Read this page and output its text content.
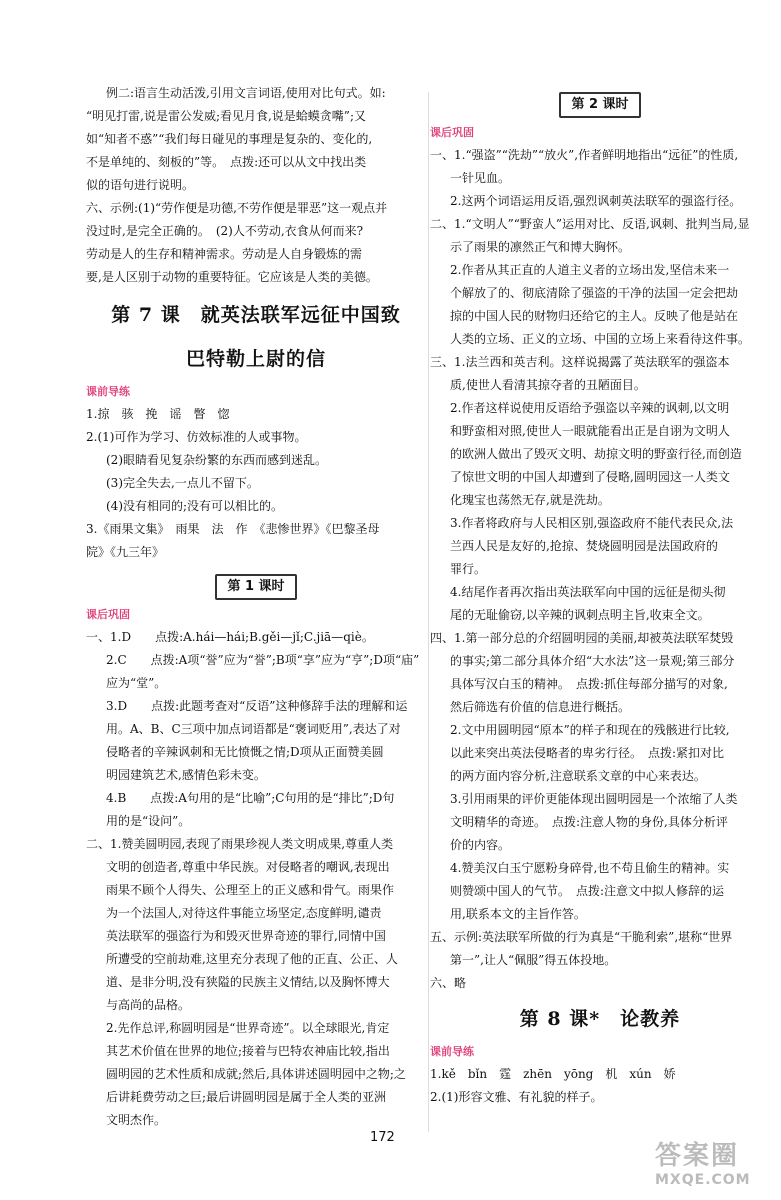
例二:语言生动活泼,引用文言词语,使用对比句式。如:

“明见打雷,说是雷公发威;看见月食,说是蛤蟆贪嘴”;又

如“知者不惑”“我们每日碰见的事理是复杂的、变化的,

不是单纯的、刻板的”等。　点拨:还可以从文中找出类

似的语句进行说明。

六、示例:(1)“劳作便是功德,不劳作便是罪恶”这一观点并

没过时,是完全正确的。　(2)人不劳动,衣食从何而来?

劳动是人的生存和精神需求。劳动是人自身锻炼的需

要,是人区别于动物的重要特征。它应该是人类的美德。

第 7 课　就英法联军远征中国致
巴特勒上尉的信
课前导练

1.掠　骇　挽　谣　瞥　惚

2.(1)可作为学习、仿效标准的人或事物。

(2)眼睛看见复杂纷繁的东西而感到迷乱。

(3)完全失去,一点儿不留下。

(4)没有相同的;没有可以相比的。

3.《雨果文集》　雨果　法　作　《悲惨世界》《巴黎圣母

院》《九三年》

第 1 课时
课后巩固

一、1.D　　点拨:A.hái—hái;B.gěi—jǐ;C.jiā—qiè。

2.C　　点拨:A项“誉”应为“誉”;B项“享”应为“亨”;D项“庙”

应为“堂”。

3.D　　点拨:此题考查对“反语”这种修辞手法的理解和运

用。A、B、C三项中加点词语都是“褒词贬用”,表达了对

侵略者的辛辣讽刺和无比愤慨之情;D项从正面赞美圆

明园建筑艺术,感情色彩未变。

4.B　　点拨:A句用的是“比喻”;C句用的是“排比”;D句

用的是“设问”。

二、1.赞美圆明园,表现了雨果珍视人类文明成果,尊重人类

文明的创造者,尊重中华民族。对侵略者的嘲讽,表现出

雨果不顾个人得失、公理至上的正义感和骨气。雨果作

为一个法国人,对待这件事能立场坚定,态度鲜明,谴责

英法联军的强盗行为和毁灭世界奇迹的罪行,同情中国

所遭受的空前劫难,这里充分表现了他的正直、公正、人

道、是非分明,没有狭隘的民族主义情结,以及胸怀博大

与高尚的品格。

2.先作总评,称圆明园是“世界奇迹”。以全球眼光,肯定

其艺术价值在世界的地位;接着与巴特农神庙比较,指出

圆明园的艺术性质和成就;然后,具体讲述圆明园中之物;之

后讲耗费劳动之巨;最后讲圆明园是属于全人类的亚洲

文明杰作。

第 2 课时
课后巩固

一、1.“强盗”“洗劫”“放火”,作者鲜明地指出“远征”的性质,

一针见血。

2.这两个词语运用反语,强烈讽刺英法联军的强盗行径。

二、1.“文明人”“野蛮人”运用对比、反语,讽刺、批判当局,显

示了雨果的凛然正气和博大胸怀。

2.作者从其正直的人道主义者的立场出发,坚信未来一

个解放了的、彻底清除了强盗的干净的法国一定会把劫

掠的中国人民的财物归还给它的主人。反映了他是站在

人类的立场、正义的立场、中国的立场上来看待这件事。

三、1.法兰西和英吉利。这样说揭露了英法联军的强盗本

质,使世人看清其掠夺者的丑陋面目。

2.作者这样说使用反语给予强盗以辛辣的讽刺,以文明

和野蛮相对照,使世人一眼就能看出正是自诩为文明人

的欧洲人做出了毁灭文明、劫掠文明的野蛮行径,而创造

了惊世文明的中国人却遭到了侵略,圆明园这一人类文

化瑰宝也荡然无存,就是洗劫。

3.作者将政府与人民相区别,强盗政府不能代表民众,法

兰西人民是友好的,抢掠、焚烧圆明园是法国政府的

罪行。

4.结尾作者再次指出英法联军向中国的远征是彻头彻

尾的无耻偷窃,以辛辣的讽刺点明主旨,收束全文。

四、1.第一部分总的介绍圆明园的美丽,却被英法联军焚毁

的事实;第二部分具体介绍“大水法”这一景观;第三部分

具体写汉白玉的精神。　点拨:抓住每部分描写的对象,

然后筛选有价值的信息进行概括。

2.文中用圆明园“原本”的样子和现在的残骸进行比较,

以此来突出英法侵略者的卑劣行径。　点拨:紧扣对比

的两方面内容分析,注意联系文章的中心来表达。

3.引用雨果的评价更能体现出圆明园是一个浓缩了人类

文明精华的奇迹。　点拨:注意人物的身份,具体分析评

价的内容。

4.赞美汉白玉宁愿粉身碎骨,也不苟且偷生的精神。实

则赞颂中国人的气节。　点拨:注意文中拟人修辞的运

用,联系本文的主旨作答。

五、示例:英法联军所做的行为真是“干脆利索”,堪称“世界

第一”,让人“佩服”得五体投地。

六、略

第 8 课*　论教养
课前导练

1.kě　bǐn　霆　zhēn　yōng　机　xún　娇

2.(1)形容文雅、有礼貌的样子。

172
答案圈
MXQE.COM
